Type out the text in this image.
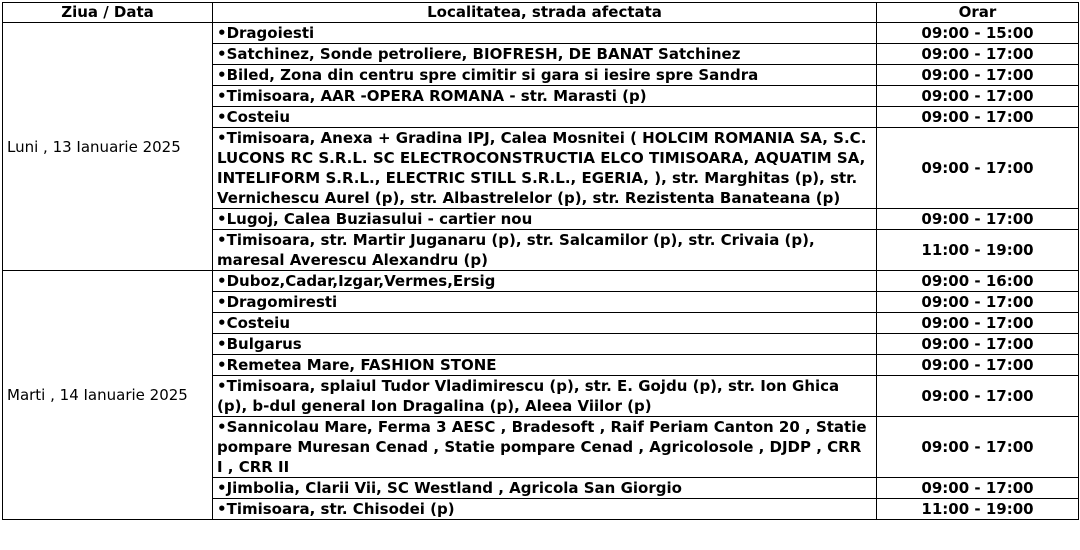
Ziua / Data	Localitatea, strada afectata	Orar
Luni , 13 Ianuarie 2025	•Dragoiesti	09:00 - 15:00
	•Satchinez, Sonde petroliere, BIOFRESH, DE BANAT Satchinez	09:00 - 17:00
	•Biled, Zona din centru spre cimitir si gara si iesire spre Sandra	09:00 - 17:00
	•Timisoara, AAR -OPERA ROMANA - str. Marasti (p)	09:00 - 17:00
	•Costeiu	09:00 - 17:00
	•Timisoara, Anexa + Gradina IPJ, Calea Mosnitei ( HOLCIM ROMANIA SA, S.C. LUCONS RC S.R.L. SC ELECTROCONSTRUCTIA ELCO TIMISOARA, AQUATIM SA, INTELIFORM S.R.L., ELECTRIC STILL S.R.L., EGERIA, ), str. Marghitas (p), str. Vernichescu Aurel (p), str. Albastrelelor (p), str. Rezistenta Banateana (p)	09:00 - 17:00
	•Lugoj, Calea Buziasului - cartier nou	09:00 - 17:00
	•Timisoara, str. Martir Juganaru (p), str. Salcamilor (p), str. Crivaia (p), maresal Averescu Alexandru (p)	11:00 - 19:00
Marti , 14 Ianuarie 2025	•Duboz,Cadar,Izgar,Vermes,Ersig	09:00 - 16:00
	•Dragomiresti	09:00 - 17:00
	•Costeiu	09:00 - 17:00
	•Bulgarus	09:00 - 17:00
	•Remetea Mare, FASHION STONE	09:00 - 17:00
	•Timisoara, splaiul Tudor Vladimirescu (p), str. E. Gojdu (p), str. Ion Ghica (p), b-dul general Ion Dragalina (p), Aleea Viilor (p)	09:00 - 17:00
	•Sannicolau Mare, Ferma 3 AESC , Bradesoft , Raif Periam Canton 20 , Statie pompare Muresan Cenad , Statie pompare Cenad , Agricolosole , DJDP , CRR I , CRR II	09:00 - 17:00
	•Jimbolia, Clarii Vii, SC Westland , Agricola San Giorgio	09:00 - 17:00
	•Timisoara, str. Chisodei (p)	11:00 - 19:00
